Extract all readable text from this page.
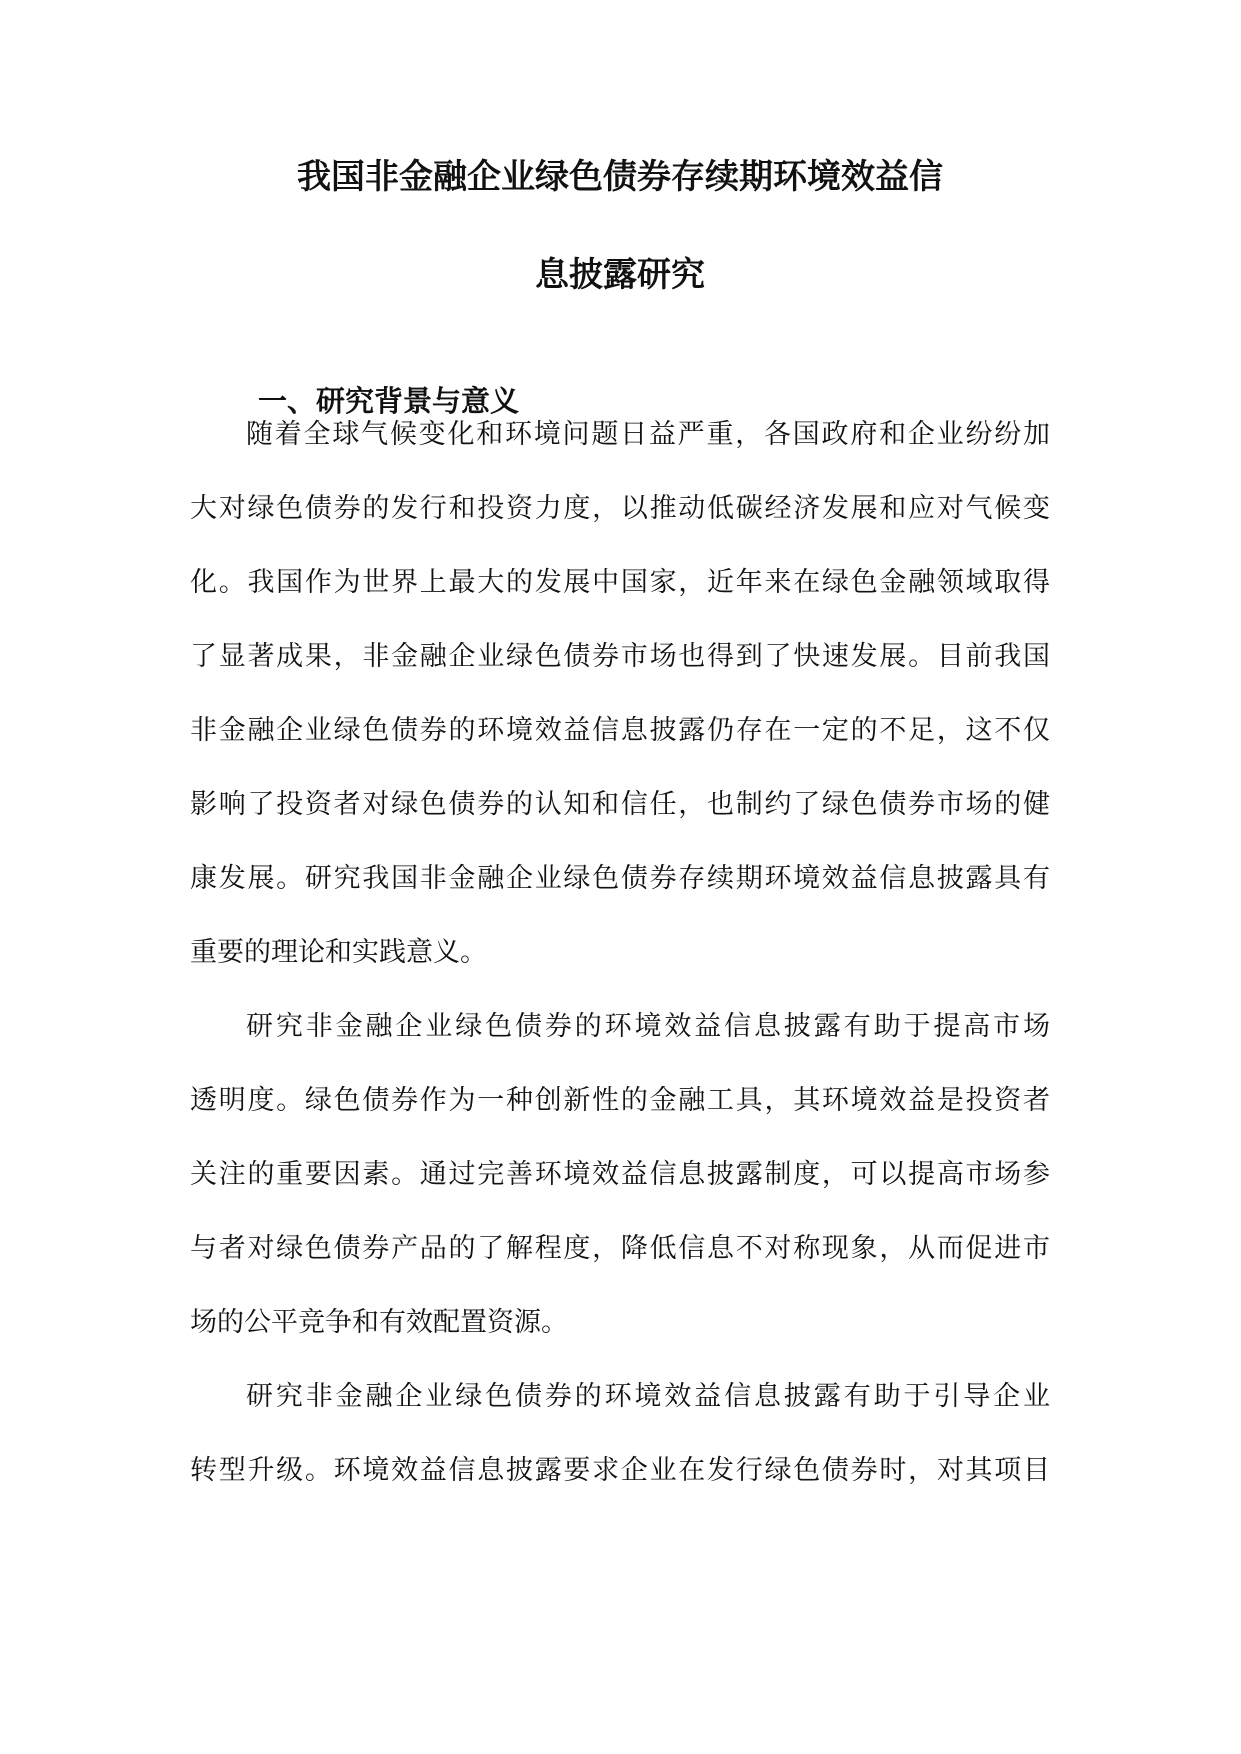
我国非金融企业绿色债券存续期环境效益信
息披露研究
一、研究背景与意义
随着全球气候变化和环境问题日益严重，各国政府和企业纷纷加
大对绿色债券的发行和投资力度，以推动低碳经济发展和应对气候变
化。我国作为世界上最大的发展中国家，近年来在绿色金融领域取得
了显著成果，非金融企业绿色债券市场也得到了快速发展。目前我国
非金融企业绿色债券的环境效益信息披露仍存在一定的不足，这不仅
影响了投资者对绿色债券的认知和信任，也制约了绿色债券市场的健
康发展。研究我国非金融企业绿色债券存续期环境效益信息披露具有
重要的理论和实践意义。
研究非金融企业绿色债券的环境效益信息披露有助于提高市场
透明度。绿色债券作为一种创新性的金融工具，其环境效益是投资者
关注的重要因素。通过完善环境效益信息披露制度，可以提高市场参
与者对绿色债券产品的了解程度，降低信息不对称现象，从而促进市
场的公平竞争和有效配置资源。
研究非金融企业绿色债券的环境效益信息披露有助于引导企业
转型升级。环境效益信息披露要求企业在发行绿色债券时，对其项目
